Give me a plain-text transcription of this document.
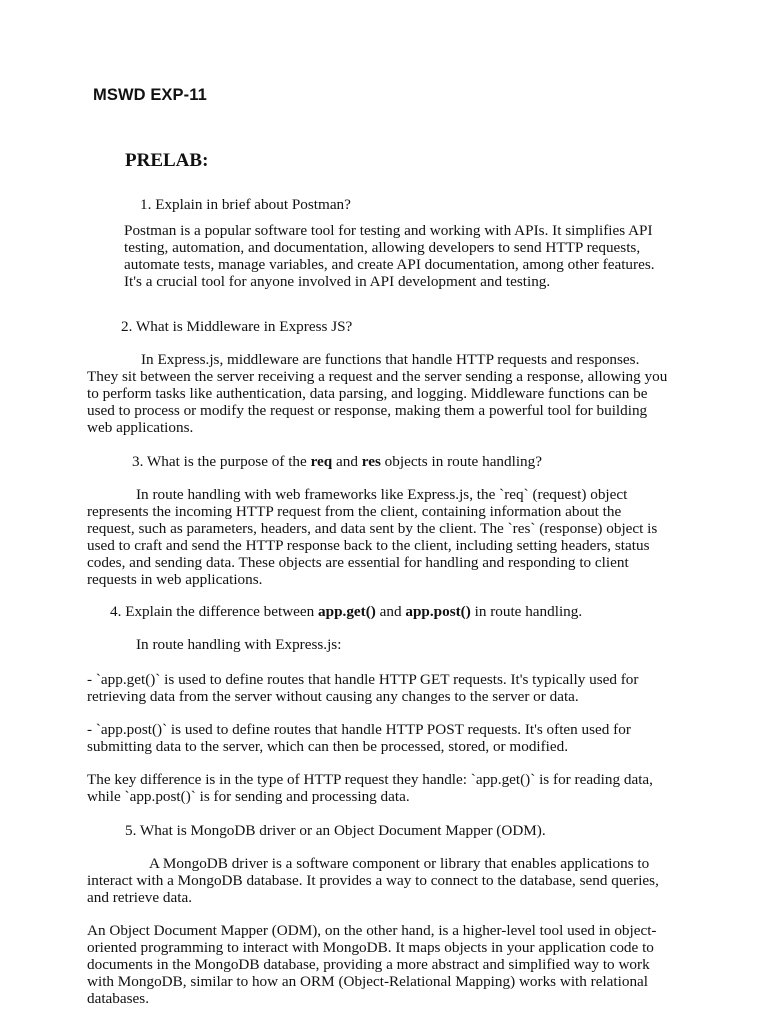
MSWD EXP-11
PRELAB:
1. Explain in brief about Postman?
Postman is a popular software tool for testing and working with APIs. It simplifies API
testing, automation, and documentation, allowing developers to send HTTP requests,
automate tests, manage variables, and create API documentation, among other features.
It's a crucial tool for anyone involved in API development and testing.
2. What is Middleware in Express JS?
In Express.js, middleware are functions that handle HTTP requests and responses.
They sit between the server receiving a request and the server sending a response, allowing you
to perform tasks like authentication, data parsing, and logging. Middleware functions can be
used to process or modify the request or response, making them a powerful tool for building
web applications.
3. What is the purpose of the req and res objects in route handling?
In route handling with web frameworks like Express.js, the `req` (request) object
represents the incoming HTTP request from the client, containing information about the
request, such as parameters, headers, and data sent by the client. The `res` (response) object is
used to craft and send the HTTP response back to the client, including setting headers, status
codes, and sending data. These objects are essential for handling and responding to client
requests in web applications.
4. Explain the difference between app.get() and app.post() in route handling.
In route handling with Express.js:
- `app.get()` is used to define routes that handle HTTP GET requests. It's typically used for
retrieving data from the server without causing any changes to the server or data.
- `app.post()` is used to define routes that handle HTTP POST requests. It's often used for
submitting data to the server, which can then be processed, stored, or modified.
The key difference is in the type of HTTP request they handle: `app.get()` is for reading data,
while `app.post()` is for sending and processing data.
5. What is MongoDB driver or an Object Document Mapper (ODM).
A MongoDB driver is a software component or library that enables applications to
interact with a MongoDB database. It provides a way to connect to the database, send queries,
and retrieve data.
An Object Document Mapper (ODM), on the other hand, is a higher-level tool used in object-
oriented programming to interact with MongoDB. It maps objects in your application code to
documents in the MongoDB database, providing a more abstract and simplified way to work
with MongoDB, similar to how an ORM (Object-Relational Mapping) works with relational
databases.
